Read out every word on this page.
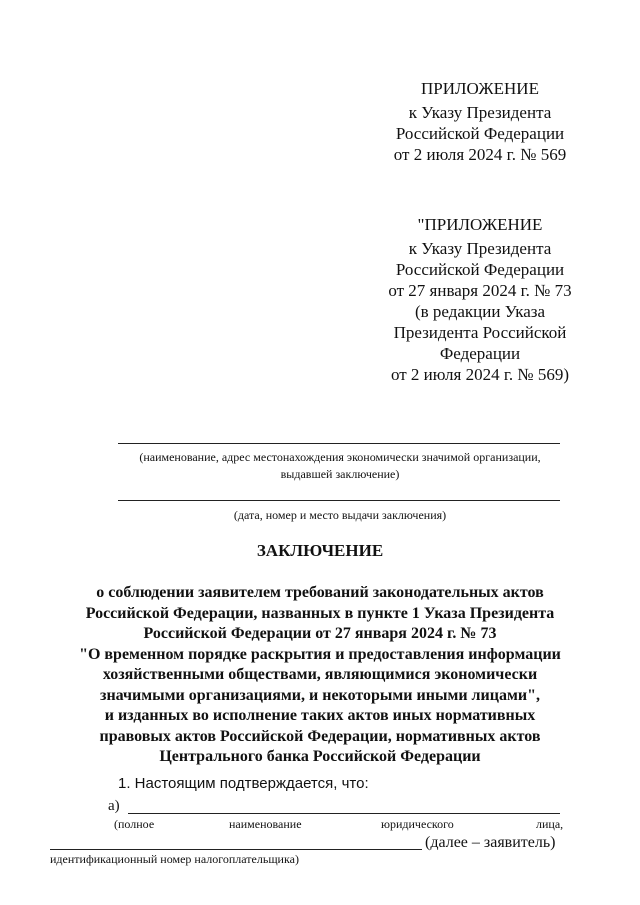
ПРИЛОЖЕНИЕ
к Указу Президента
Российской Федерации
от 2 июля 2024 г. № 569
"ПРИЛОЖЕНИЕ
к Указу Президента
Российской Федерации
от 27 января 2024 г. № 73
(в редакции Указа
Президента Российской
Федерации
от 2 июля 2024 г. № 569)
(наименование, адрес местонахождения экономически значимой организации,
выдавшей заключение)
(дата, номер и место выдачи заключения)
ЗАКЛЮЧЕНИЕ
о соблюдении заявителем требований законодательных актов
Российской Федерации, названных в пункте 1 Указа Президента
Российской Федерации от 27 января 2024 г. № 73
"О временном порядке раскрытия и предоставления информации
хозяйственными обществами, являющимися экономически
значимыми организациями, и некоторыми иными лицами",
и изданных во исполнение таких актов иных нормативных
правовых актов Российской Федерации, нормативных актов
Центрального банка Российской Федерации
1. Настоящим подтверждается, что:
а)
(полное	наименование	юридического	лица,
(далее – заявитель)
идентификационный номер налогоплательщика)
